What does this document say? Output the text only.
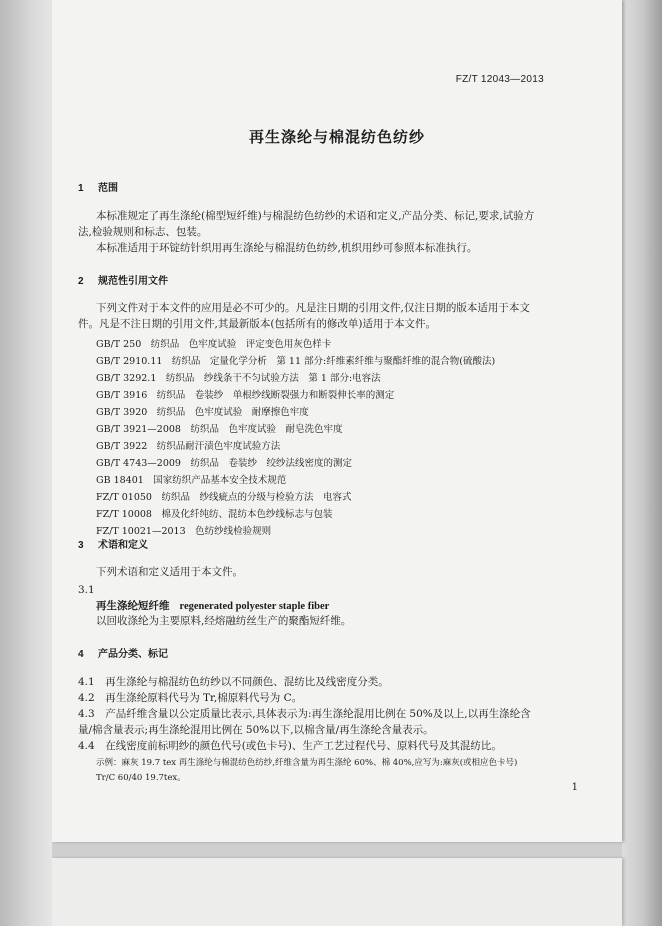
FZ/T 12043—2013
再生涤纶与棉混纺色纺纱
1 范围
本标准规定了再生涤纶(棉型短纤维)与棉混纺色纺纱的术语和定义,产品分类、标记,要求,试验方
法,检验规则和标志、包装。
本标准适用于环锭纺针织用再生涤纶与棉混纺色纺纱,机织用纱可参照本标准执行。
2 规范性引用文件
下列文件对于本文件的应用是必不可少的。凡是注日期的引用文件,仅注日期的版本适用于本文
件。凡是不注日期的引用文件,其最新版本(包括所有的修改单)适用于本文件。
GB/T 250　纺织品　色牢度试验　评定变色用灰色样卡
GB/T 2910.11　纺织品　定量化学分析　第 11 部分:纤维素纤维与聚酯纤维的混合物(硫酸法)
GB/T 3292.1　纺织品　纱线条干不匀试验方法　第 1 部分:电容法
GB/T 3916　纺织品　卷装纱　单根纱线断裂强力和断裂伸长率的测定
GB/T 3920　纺织品　色牢度试验　耐摩擦色牢度
GB/T 3921—2008　纺织品　色牢度试验　耐皂洗色牢度
GB/T 3922　纺织品耐汗渍色牢度试验方法
GB/T 4743—2009　纺织品　卷装纱　绞纱法线密度的测定
GB 18401　国家纺织产品基本安全技术规范
FZ/T 01050　纺织品　纱线疵点的分级与检验方法　电容式
FZ/T 10008　棉及化纤纯纺、混纺本色纱线标志与包装
FZ/T 10021—2013　色纺纱线检验规则
3 术语和定义
下列术语和定义适用于本文件。
3.1
再生涤纶短纤维 regenerated polyester staple fiber
以回收涤纶为主要原料,经熔融纺丝生产的聚酯短纤维。
4 产品分类、标记
4.1　再生涤纶与棉混纺色纺纱以不同颜色、混纺比及线密度分类。
4.2　再生涤纶原料代号为 Tr,棉原料代号为 C。
4.3　产品纤维含量以公定质量比表示,具体表示为:再生涤纶混用比例在 50%及以上,以再生涤纶含
量/棉含量表示;再生涤纶混用比例在 50%以下,以棉含量/再生涤纶含量表示。
4.4　在线密度前标明纱的颜色代号(或色卡号)、生产工艺过程代号、原料代号及其混纺比。
示例：麻灰 19.7 tex 再生涤纶与棉混纺色纺纱,纤维含量为再生涤纶 60%、棉 40%,应写为:麻灰(或相应色卡号)
Tr/C 60/40 19.7tex。
1
